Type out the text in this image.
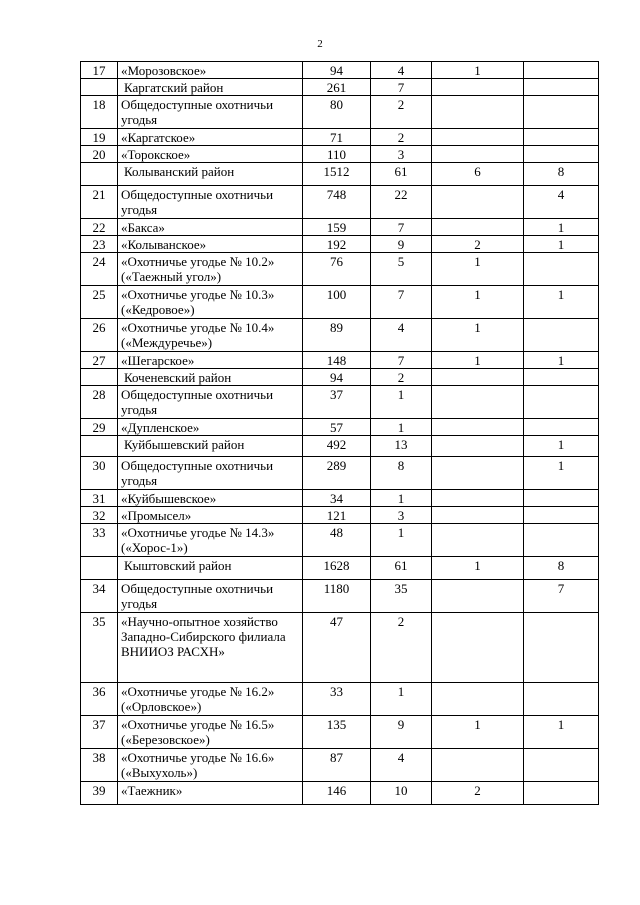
2
17	«Морозовское»	94	4	1	
	Каргатский район	261	7		
18	Общедоступные охотничьи угодья	80	2		
19	«Каргатское»	71	2		
20	«Торокское»	110	3		
	Колыванский район	1512	61	6	8
21	Общедоступные охотничьи угодья	748	22		4
22	«Бакса»	159	7		1
23	«Колыванское»	192	9	2	1
24	«Охотничье угодье № 10.2» («Таежный угол»)	76	5	1	
25	«Охотничье угодье № 10.3» («Кедровое»)	100	7	1	1
26	«Охотничье угодье № 10.4» («Междуречье»)	89	4	1	
27	«Шегарское»	148	7	1	1
	Коченевский район	94	2		
28	Общедоступные охотничьи угодья	37	1		
29	«Дупленское»	57	1		
	Куйбышевский район	492	13		1
30	Общедоступные охотничьи угодья	289	8		1
31	«Куйбышевское»	34	1		
32	«Промысел»	121	3		
33	«Охотничье угодье № 14.3» («Хорос-1»)	48	1		
	Кыштовский район	1628	61	1	8
34	Общедоступные охотничьи угодья	1180	35		7
35	«Научно-опытное хозяйство Западно-Сибирского филиала ВНИИОЗ РАСХН»	47	2		
36	«Охотничье угодье № 16.2» («Орловское»)	33	1		
37	«Охотничье угодье № 16.5» («Березовское»)	135	9	1	1
38	«Охотничье угодье № 16.6» («Выхухоль»)	87	4		
39	«Таежник»	146	10	2	
